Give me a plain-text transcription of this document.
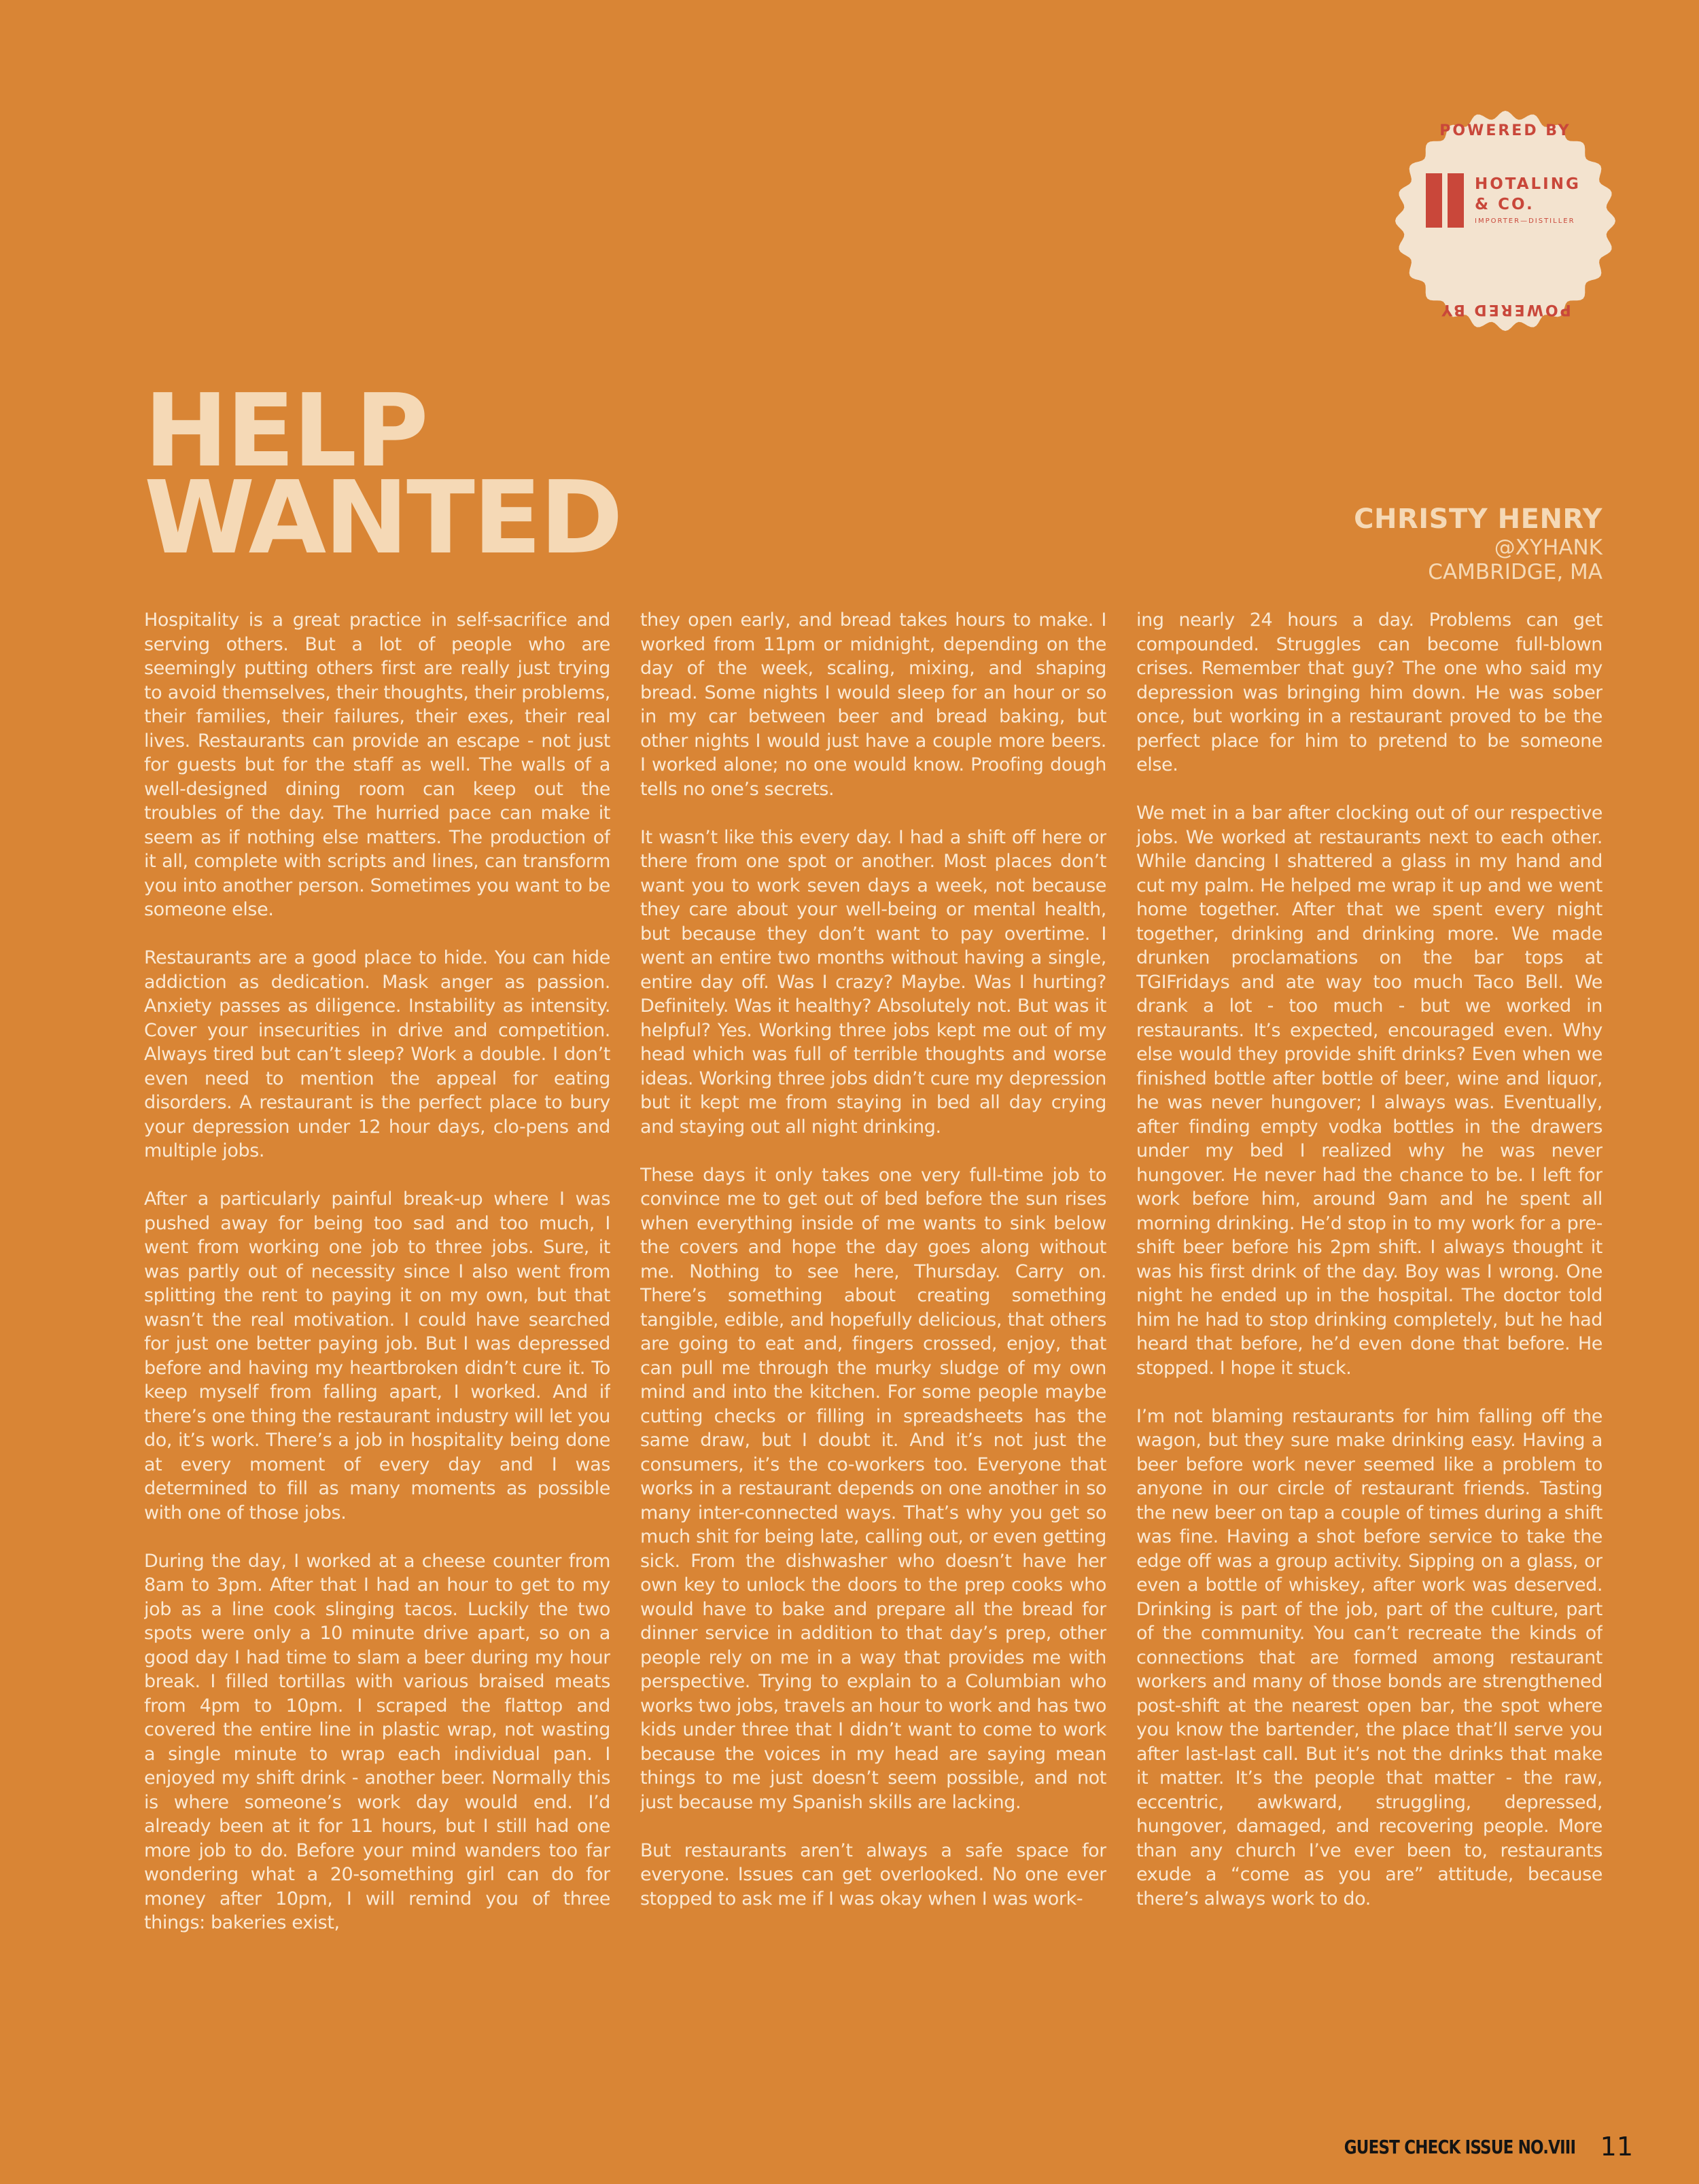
POWERED BY
HOTALING
& CO.
IMPORTER—DISTILLER
POWERED BY
HELP
WANTED	CHRISTY HENRY
@XYHANK
CAMBRIDGE, MA

Hospitality is a great practice in self-sacrifice and serving others. But a lot of people who are seemingly putting others first are really just trying to avoid themselves, their thoughts, their problems, their families, their failures, their exes, their real lives. Restaurants can provide an escape - not just for guests but for the staff as well. The walls of a well-designed dining room can keep out the troubles of the day. The hurried pace can make it seem as if nothing else matters. The production of it all, complete with scripts and lines, can transform you into another person. Sometimes you want to be someone else.

Restaurants are a good place to hide. You can hide addiction as dedication. Mask anger as passion. Anxiety passes as diligence. Instability as intensity. Cover your insecurities in drive and competition. Always tired but can’t sleep? Work a double. I don’t even need to mention the appeal for eating disorders. A restaurant is the perfect place to bury your depression under 12 hour days, clo-pens and multiple jobs.

After a particularly painful break-up where I was pushed away for being too sad and too much, I went from working one job to three jobs. Sure, it was partly out of necessity since I also went from splitting the rent to paying it on my own, but that wasn’t the real motivation. I could have searched for just one better paying job. But I was depressed before and having my heartbroken didn’t cure it. To keep myself from falling apart, I worked. And if there’s one thing the restaurant industry will let you do, it’s work. There’s a job in hospitality being done at every moment of every day and I was determined to fill as many moments as possible with one of those jobs.

During the day, I worked at a cheese counter from 8am to 3pm. After that I had an hour to get to my job as a line cook slinging tacos. Luckily the two spots were only a 10 minute drive apart, so on a good day I had time to slam a beer during my hour break. I filled tortillas with various braised meats from 4pm to 10pm. I scraped the flattop and covered the entire line in plastic wrap, not wasting a single minute to wrap each individual pan. I enjoyed my shift drink - another beer. Normally this is where someone’s work day would end. I’d already been at it for 11 hours, but I still had one more job to do. Before your mind wanders too far wondering what a 20-something girl can do for money after 10pm, I will remind you of three things: bakeries exist,

they open early, and bread takes hours to make. I worked from 11pm or midnight, depending on the day of the week, scaling, mixing, and shaping bread. Some nights I would sleep for an hour or so in my car between beer and bread baking, but other nights I would just have a couple more beers. I worked alone; no one would know. Proofing dough tells no one’s secrets.

It wasn’t like this every day. I had a shift off here or there from one spot or another. Most places don’t want you to work seven days a week, not because they care about your well-being or mental health, but because they don’t want to pay overtime. I went an entire two months without having a single, entire day off. Was I crazy? Maybe. Was I hurting? Definitely. Was it healthy? Absolutely not. But was it helpful? Yes. Working three jobs kept me out of my head which was full of terrible thoughts and worse ideas. Working three jobs didn’t cure my depression but it kept me from staying in bed all day crying and staying out all night drinking.

These days it only takes one very full-time job to convince me to get out of bed before the sun rises when everything inside of me wants to sink below the covers and hope the day goes along without me. Nothing to see here, Thursday. Carry on. There’s something about creating something tangible, edible, and hopefully delicious, that others are going to eat and, fingers crossed, enjoy, that can pull me through the murky sludge of my own mind and into the kitchen. For some people maybe cutting checks or filling in spreadsheets has the same draw, but I doubt it. And it’s not just the consumers, it’s the co-workers too. Everyone that works in a restaurant depends on one another in so many inter-connected ways. That’s why you get so much shit for being late, calling out, or even getting sick. From the dishwasher who doesn’t have her own key to unlock the doors to the prep cooks who would have to bake and prepare all the bread for dinner service in addition to that day’s prep, other people rely on me in a way that provides me with perspective. Trying to explain to a Columbian who works two jobs, travels an hour to work and has two kids under three that I didn’t want to come to work because the voices in my head are saying mean things to me just doesn’t seem possible, and not just because my Spanish skills are lacking.

But restaurants aren’t always a safe space for everyone. Issues can get overlooked. No one ever stopped to ask me if I was okay when I was work-

ing nearly 24 hours a day. Problems can get compounded. Struggles can become full-blown crises. Remember that guy? The one who said my depression was bringing him down. He was sober once, but working in a restaurant proved to be the perfect place for him to pretend to be someone else.

We met in a bar after clocking out of our respective jobs. We worked at restaurants next to each other. While dancing I shattered a glass in my hand and cut my palm. He helped me wrap it up and we went home together. After that we spent every night together, drinking and drinking more. We made drunken proclamations on the bar tops at TGIFridays and ate way too much Taco Bell. We drank a lot - too much - but we worked in restaurants. It’s expected, encouraged even. Why else would they provide shift drinks? Even when we finished bottle after bottle of beer, wine and liquor, he was never hungover; I always was. Eventually, after finding empty vodka bottles in the drawers under my bed I realized why he was never hungover. He never had the chance to be. I left for work before him, around 9am and he spent all morning drinking. He’d stop in to my work for a pre-shift beer before his 2pm shift. I always thought it was his first drink of the day. Boy was I wrong. One night he ended up in the hospital. The doctor told him he had to stop drinking completely, but he had heard that before, he’d even done that before. He stopped. I hope it stuck.

I’m not blaming restaurants for him falling off the wagon, but they sure make drinking easy. Having a beer before work never seemed like a problem to anyone in our circle of restaurant friends. Tasting the new beer on tap a couple of times during a shift was fine. Having a shot before service to take the edge off was a group activity. Sipping on a glass, or even a bottle of whiskey, after work was deserved. Drinking is part of the job, part of the culture, part of the community. You can’t recreate the kinds of connections that are formed among restaurant workers and many of those bonds are strengthened post-shift at the nearest open bar, the spot where you know the bartender, the place that’ll serve you after last-last call. But it’s not the drinks that make it matter. It’s the people that matter - the raw, eccentric, awkward, struggling, depressed, hungover, damaged, and recovering people. More than any church I’ve ever been to, restaurants exude a “come as you are” attitude, because there’s always work to do.

GUEST CHECK ISSUE NO.VIII 11
